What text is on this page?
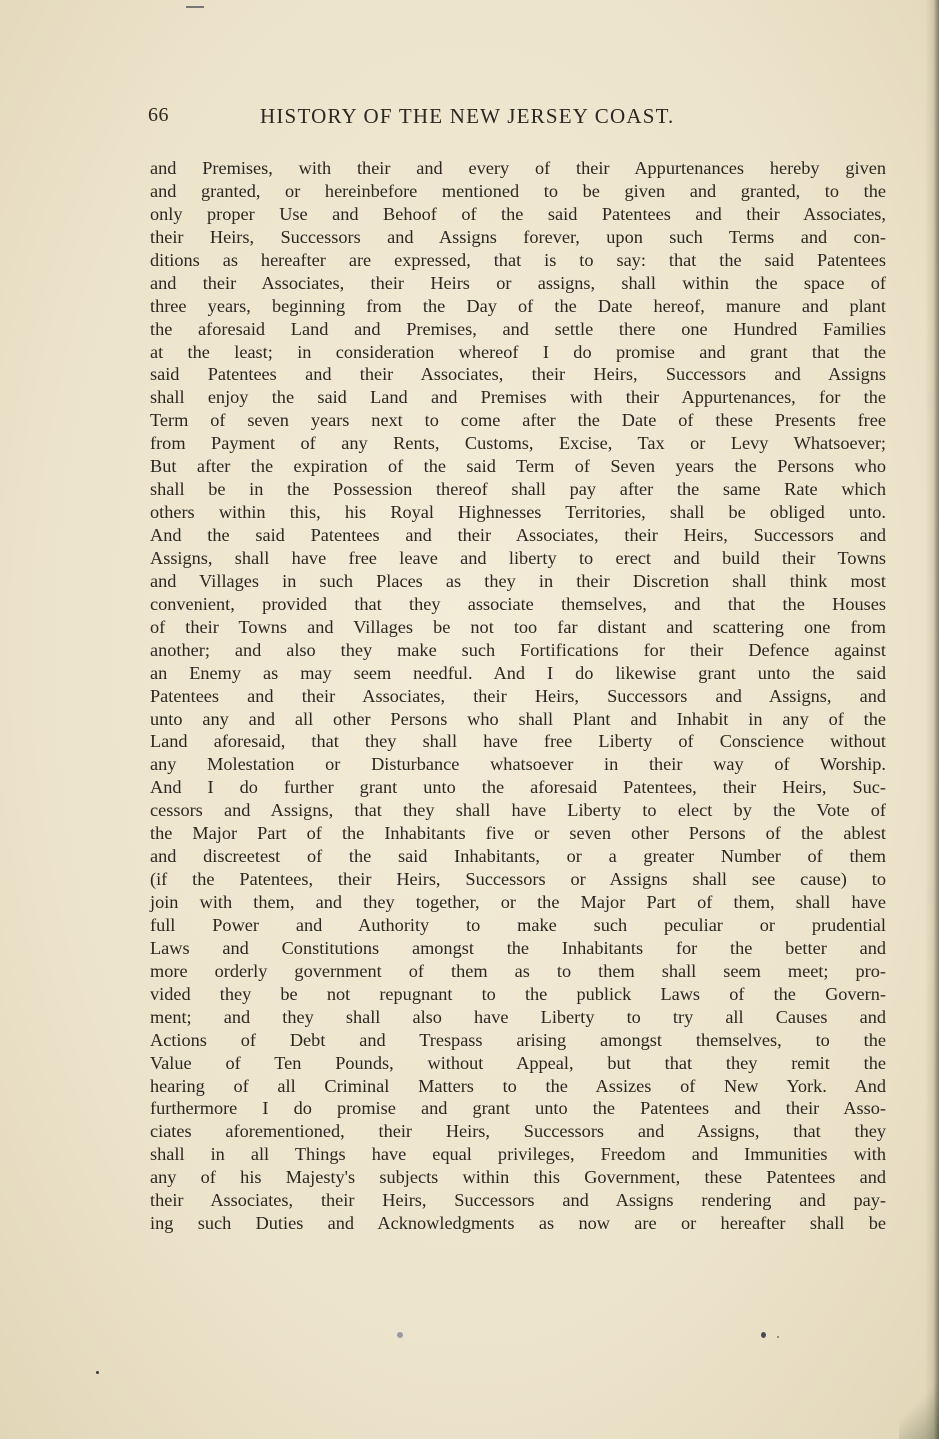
66	HISTORY OF THE NEW JERSEY COAST.
and Premises, with their and every of their Appurtenances hereby given
and granted, or hereinbefore mentioned to be given and granted, to the
only proper Use and Behoof of the said Patentees and their Associates,
their Heirs, Successors and Assigns forever, upon such Terms and con-
ditions as hereafter are expressed, that is to say: that the said Patentees
and their Associates, their Heirs or assigns, shall within the space of
three years, beginning from the Day of the Date hereof, manure and plant
the aforesaid Land and Premises, and settle there one Hundred Families
at the least; in consideration whereof I do promise and grant that the
said Patentees and their Associates, their Heirs, Successors and Assigns
shall enjoy the said Land and Premises with their Appurtenances, for the
Term of seven years next to come after the Date of these Presents free
from Payment of any Rents, Customs, Excise, Tax or Levy Whatsoever;
But after the expiration of the said Term of Seven years the Persons who
shall be in the Possession thereof shall pay after the same Rate which
others within this, his Royal Highnesses Territories, shall be obliged unto.
And the said Patentees and their Associates, their Heirs, Successors and
Assigns, shall have free leave and liberty to erect and build their Towns
and Villages in such Places as they in their Discretion shall think most
convenient, provided that they associate themselves, and that the Houses
of their Towns and Villages be not too far distant and scattering one from
another; and also they make such Fortifications for their Defence against
an Enemy as may seem needful. And I do likewise grant unto the said
Patentees and their Associates, their Heirs, Successors and Assigns, and
unto any and all other Persons who shall Plant and Inhabit in any of the
Land aforesaid, that they shall have free Liberty of Conscience without
any Molestation or Disturbance whatsoever in their way of Worship.
And I do further grant unto the aforesaid Patentees, their Heirs, Suc-
cessors and Assigns, that they shall have Liberty to elect by the Vote of
the Major Part of the Inhabitants five or seven other Persons of the ablest
and discreetest of the said Inhabitants, or a greater Number of them
(if the Patentees, their Heirs, Successors or Assigns shall see cause) to
join with them, and they together, or the Major Part of them, shall have
full Power and Authority to make such peculiar or prudential
Laws and Constitutions amongst the Inhabitants for the better and
more orderly government of them as to them shall seem meet; pro-
vided they be not repugnant to the publick Laws of the Govern-
ment; and they shall also have Liberty to try all Causes and
Actions of Debt and Trespass arising amongst themselves, to the
Value of Ten Pounds, without Appeal, but that they remit the
hearing of all Criminal Matters to the Assizes of New York. And
furthermore I do promise and grant unto the Patentees and their Asso-
ciates aforementioned, their Heirs, Successors and Assigns, that they
shall in all Things have equal privileges, Freedom and Immunities with
any of his Majesty's subjects within this Government, these Patentees and
their Associates, their Heirs, Successors and Assigns rendering and pay-
ing such Duties and Acknowledgments as now are or hereafter shall be
